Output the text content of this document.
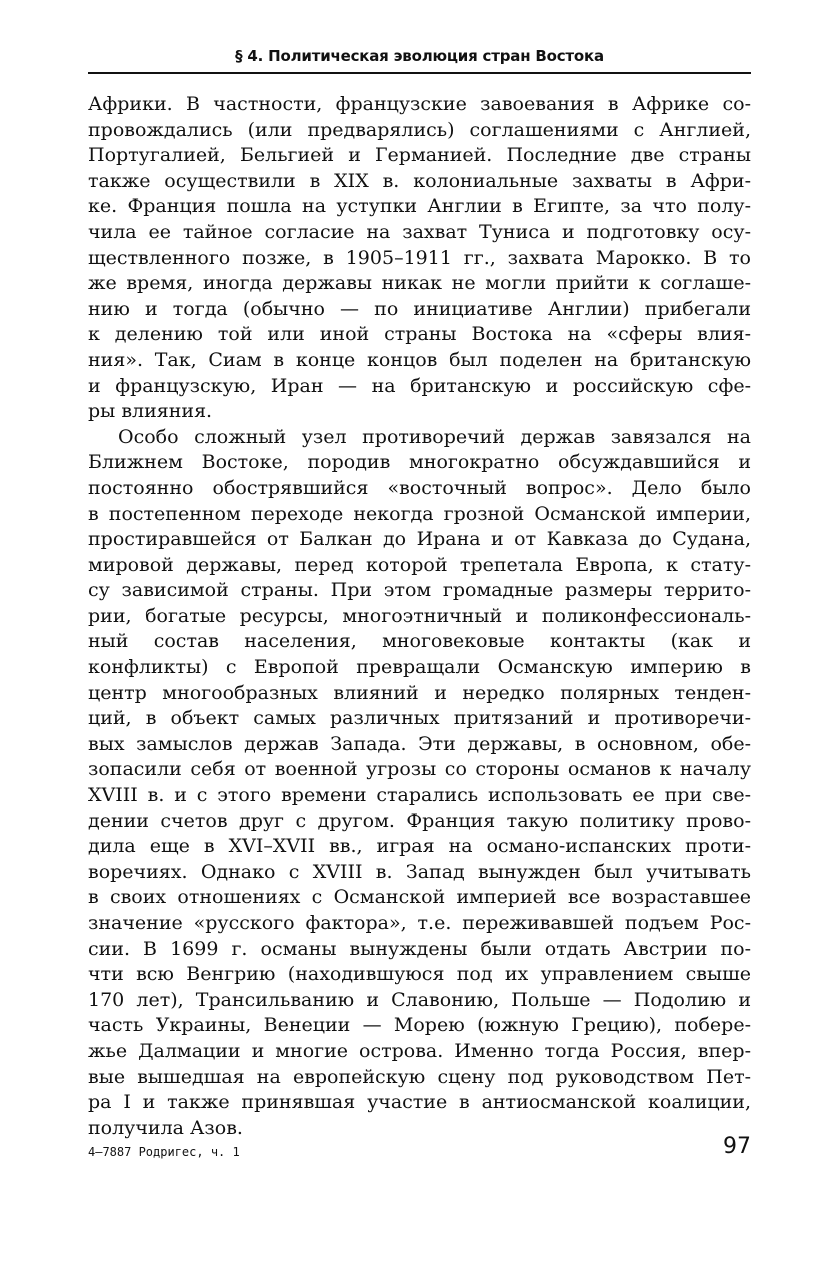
§ 4. Политическая эволюция стран Востока
Африки. В частности, французские завоевания в Африке со-
провождались (или предварялись) соглашениями с Англией,
Португалией, Бельгией и Германией. Последние две страны
также осуществили в XIX в. колониальные захваты в Афри-
ке. Франция пошла на уступки Англии в Египте, за что полу-
чила ее тайное согласие на захват Туниса и подготовку осу-
ществленного позже, в 1905–1911 гг., захвата Марокко. В то
же время, иногда державы никак не могли прийти к соглаше-
нию и тогда (обычно — по инициативе Англии) прибегали
к делению той или иной страны Востока на «сферы влия-
ния». Так, Сиам в конце концов был поделен на британскую
и французскую, Иран — на британскую и российскую сфе-
ры влияния.
Особо сложный узел противоречий держав завязался на
Ближнем Востоке, породив многократно обсуждавшийся и
постоянно обострявшийся «восточный вопрос». Дело было
в постепенном переходе некогда грозной Османской империи,
простиравшейся от Балкан до Ирана и от Кавказа до Судана,
мировой державы, перед которой трепетала Европа, к стату-
су зависимой страны. При этом громадные размеры террито-
рии, богатые ресурсы, многоэтничный и поликонфессиональ-
ный состав населения, многовековые контакты (как и
конфликты) с Европой превращали Османскую империю в
центр многообразных влияний и нередко полярных тенден-
ций, в объект самых различных притязаний и противоречи-
вых замыслов держав Запада. Эти державы, в основном, обе-
зопасили себя от военной угрозы со стороны османов к началу
XVIII в. и с этого времени старались использовать ее при све-
дении счетов друг с другом. Франция такую политику прово-
дила еще в XVI–XVII вв., играя на османо-испанских проти-
воречиях. Однако с XVIII в. Запад вынужден был учитывать
в своих отношениях с Османской империей все возраставшее
значение «русского фактора», т.е. переживавшей подъем Рос-
сии. В 1699 г. османы вынуждены были отдать Австрии по-
чти всю Венгрию (находившуюся под их управлением свыше
170 лет), Трансильванию и Славонию, Польше — Подолию и
часть Украины, Венеции — Морею (южную Грецию), побере-
жье Далмации и многие острова. Именно тогда Россия, впер-
вые вышедшая на европейскую сцену под руководством Пет-
ра I и также принявшая участие в антиосманской коалиции,
получила Азов.
4—7887 Родригес, ч. 1	97
